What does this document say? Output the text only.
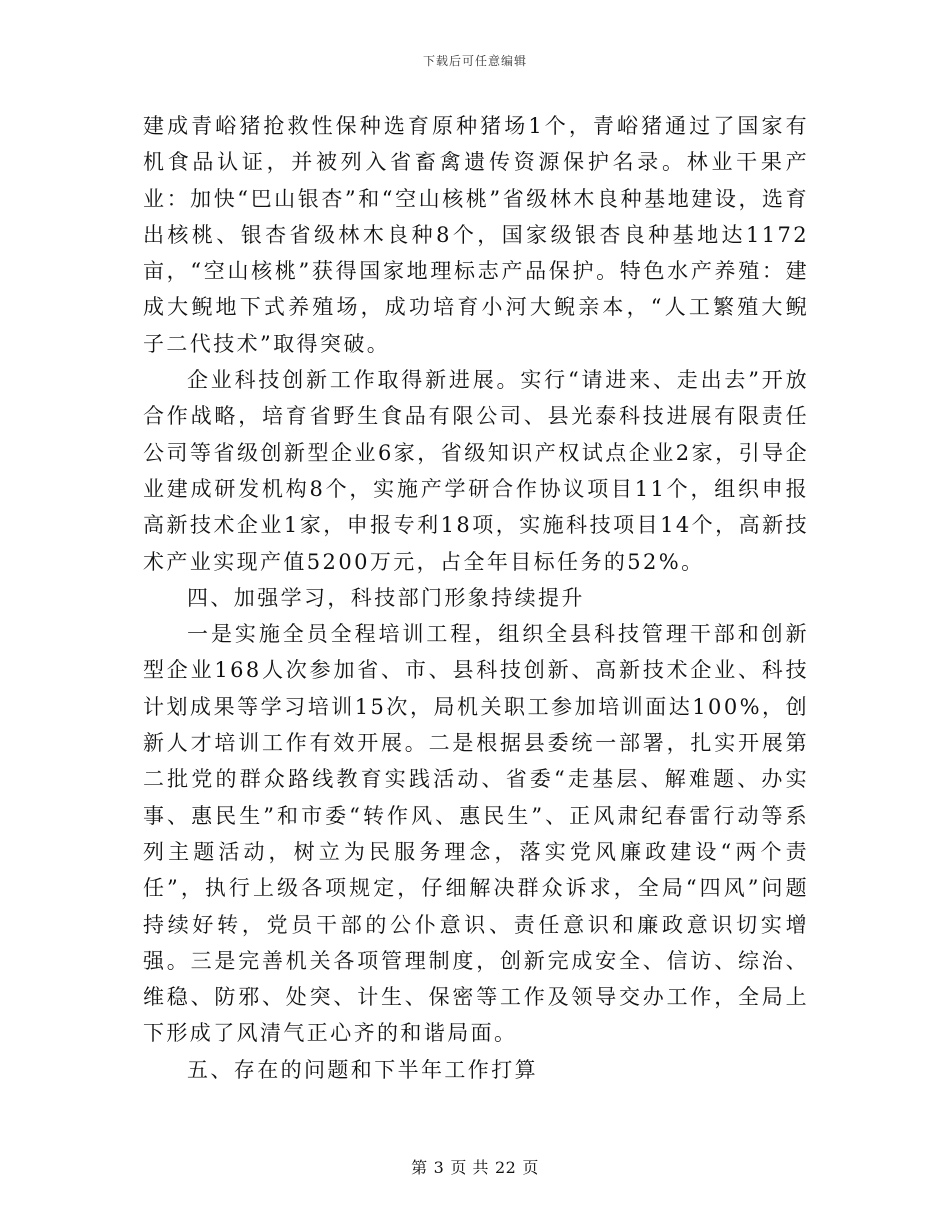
下载后可任意编辑

建成青峪猪抢救性保种选育原种猪场1个，青峪猪通过了国家有机食品认证，并被列入省畜禽遗传资源保护名录。林业干果产业：加快“巴山银杏”和“空山核桃”省级林木良种基地建设，选育出核桃、银杏省级林木良种8个，国家级银杏良种基地达1172亩，“空山核桃”获得国家地理标志产品保护。特色水产养殖：建成大鲵地下式养殖场，成功培育小河大鲵亲本，“人工繁殖大鲵子二代技术”取得突破。

企业科技创新工作取得新进展。实行“请进来、走出去”开放合作战略，培育省野生食品有限公司、县光泰科技进展有限责任公司等省级创新型企业6家，省级知识产权试点企业2家，引导企业建成研发机构8个，实施产学研合作协议项目11个，组织申报高新技术企业1家，申报专利18项，实施科技项目14个，高新技术产业实现产值5200万元，占全年目标任务的52%。

四、加强学习，科技部门形象持续提升

一是实施全员全程培训工程，组织全县科技管理干部和创新型企业168人次参加省、市、县科技创新、高新技术企业、科技计划成果等学习培训15次，局机关职工参加培训面达100%，创新人才培训工作有效开展。二是根据县委统一部署，扎实开展第二批党的群众路线教育实践活动、省委“走基层、解难题、办实事、惠民生”和市委“转作风、惠民生”、正风肃纪春雷行动等系列主题活动，树立为民服务理念，落实党风廉政建设“两个责任”，执行上级各项规定，仔细解决群众诉求，全局“四风”问题持续好转，党员干部的公仆意识、责任意识和廉政意识切实增强。三是完善机关各项管理制度，创新完成安全、信访、综治、维稳、防邪、处突、计生、保密等工作及领导交办工作，全局上下形成了风清气正心齐的和谐局面。

五、存在的问题和下半年工作打算

第 3 页 共 22 页
